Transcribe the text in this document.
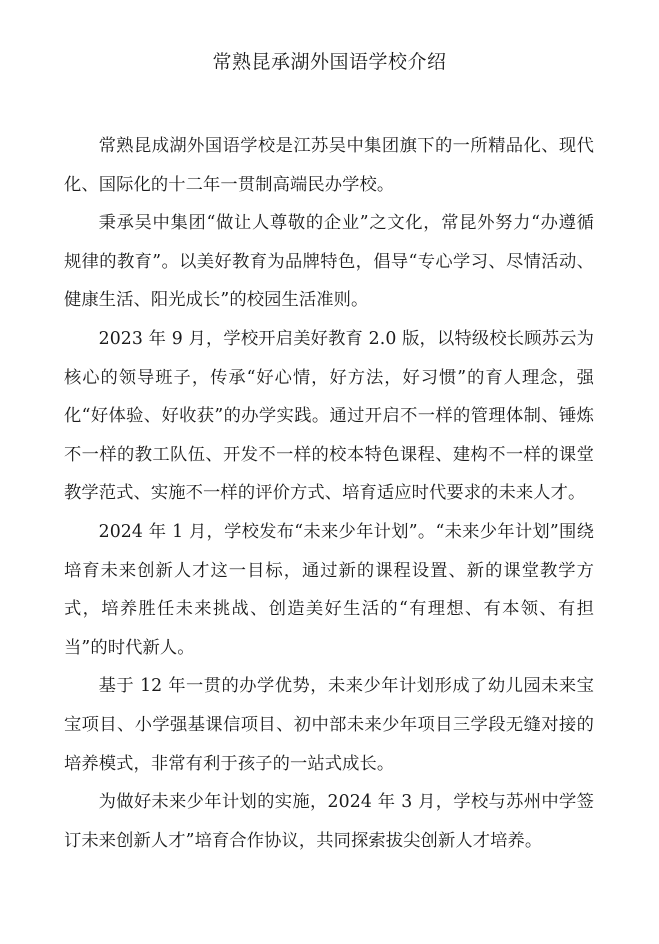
常熟昆承湖外国语学校介绍

常熟昆成湖外国语学校是江苏吴中集团旗下的一所精品化、现代化、国际化的十二年一贯制高端民办学校。

秉承吴中集团“做让人尊敬的企业”之文化，常昆外努力“办遵循规律的教育”。以美好教育为品牌特色，倡导“专心学习、尽情活动、健康生活、阳光成长”的校园生活准则。

2023 年 9 月，学校开启美好教育 2.0 版，以特级校长顾苏云为核心的领导班子，传承“好心情，好方法，好习惯”的育人理念，强化“好体验、好收获”的办学实践。通过开启不一样的管理体制、锤炼不一样的教工队伍、开发不一样的校本特色课程、建构不一样的课堂教学范式、实施不一样的评价方式、培育适应时代要求的未来人才。

2024 年 1 月，学校发布“未来少年计划”。“未来少年计划”围绕培育未来创新人才这一目标，通过新的课程设置、新的课堂教学方式，培养胜任未来挑战、创造美好生活的“有理想、有本领、有担当”的时代新人。

基于 12 年一贯的办学优势，未来少年计划形成了幼儿园未来宝宝项目、小学强基课信项目、初中部未来少年项目三学段无缝对接的培养模式，非常有利于孩子的一站式成长。

为做好未来少年计划的实施，2024 年 3 月，学校与苏州中学签订未来创新人才”培育合作协议，共同探索拔尖创新人才培养。
